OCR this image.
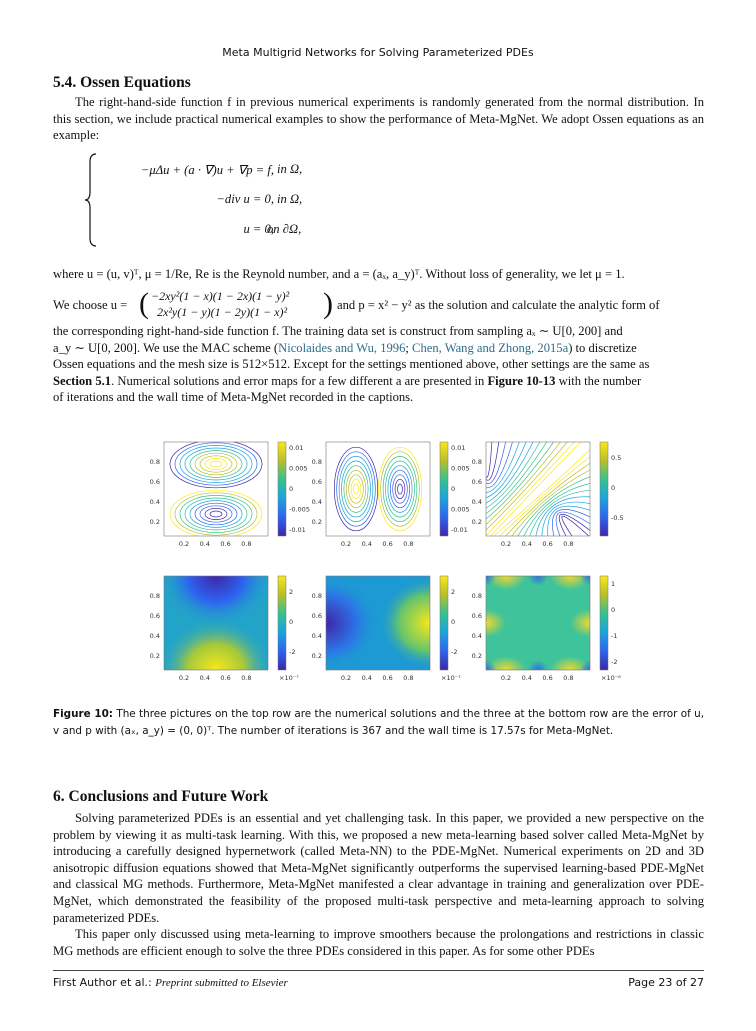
Meta Multigrid Networks for Solving Parameterized PDEs
5.4. Ossen Equations

The right-hand-side function f in previous numerical experiments is randomly generated from the normal distribution. In this section, we include practical numerical examples to show the performance of Meta-MgNet. We adopt Ossen equations as an example:

−μΔu + (a · ∇)u + ∇p = f, in Ω,
−div u = 0, in Ω,
u = 0,
on ∂Ω,
where u = (u, v)ᵀ, μ = 1/Re, Re is the Reynold number, and a = (aₓ, a_y)ᵀ. Without loss of generality, we let μ = 1.
We choose u = ( −2xy²(1 − x)(1 − 2x)(1 − y)²
2x²y(1 − y)(1 − 2y)(1 − x)² ) and p = x² − y² as the solution and calculate the analytic form of

the corresponding right-hand-side function f. The training data set is construct from sampling aₓ ∼ U[0, 200] and

a_y ∼ U[0, 200]. We use the MAC scheme (Nicolaides and Wu, 1996; Chen, Wang and Zhong, 2015a) to discretize

Ossen equations and the mesh size is 512×512. Except for the settings mentioned above, other settings are the same as

Section 5.1. Numerical solutions and error maps for a few different a are presented in Figure 10-13 with the number

of iterations and the wall time of Meta-MgNet recorded in the captions.

0.8
0.6
0.4
0.2
0.2 0.4 0.6 0.8
0.01
0.005
0
-0.005
-0.01
0.8
0.6
0.4
0.2
0.2 0.4 0.6 0.8
0.01
0.005
0
0.005
-0.01
0.8
0.6
0.4
0.2
0.2 0.4 0.6 0.8
0.5
0
-0.5
0.8
0.6
0.4
0.2
0.2 0.4 0.6 0.8
2
0
-2
×10⁻⁷
0.8
0.6
0.4
0.2
0.2 0.4 0.6 0.8
2
0
-2
×10⁻⁷
0.8
0.6
0.4
0.2
0.2 0.4 0.6 0.8
1
0
-1
-2
×10⁻⁶
Figure 10: The three pictures on the top row are the numerical solutions and the three at the bottom row are the error of u, v and p with (aₓ, a_y) = (0, 0)ᵀ. The number of iterations is 367 and the wall time is 17.57s for Meta-MgNet.
6. Conclusions and Future Work

Solving parameterized PDEs is an essential and yet challenging task. In this paper, we provided a new perspective on the problem by viewing it as multi-task learning. With this, we proposed a new meta-learning based solver called Meta-MgNet by introducing a carefully designed hypernetwork (called Meta-NN) to the PDE-MgNet. Numerical experiments on 2D and 3D anisotropic diffusion equations showed that Meta-MgNet significantly outperforms the supervised learning-based PDE-MgNet and classical MG methods. Furthermore, Meta-MgNet manifested a clear advantage in training and generalization over PDE-MgNet, which demonstrated the feasibility of the proposed multi-task perspective and meta-learning approach to solving parameterized PDEs.

This paper only discussed using meta-learning to improve smoothers because the prolongations and restrictions in classic MG methods are efficient enough to solve the three PDEs considered in this paper. As for some other PDEs

First Author et al.: Preprint submitted to Elsevier	Page 23 of 27
